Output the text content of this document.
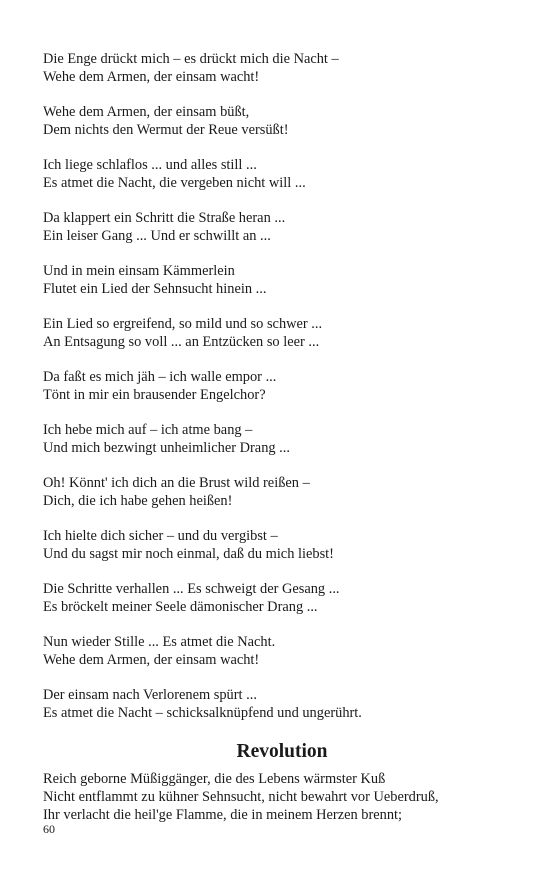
Die Enge drückt mich – es drückt mich die Nacht –
Wehe dem Armen, der einsam wacht!
Wehe dem Armen, der einsam büßt,
Dem nichts den Wermut der Reue versüßt!
Ich liege schlaflos ... und alles still ...
Es atmet die Nacht, die vergeben nicht will ...
Da klappert ein Schritt die Straße heran ...
Ein leiser Gang ... Und er schwillt an ...
Und in mein einsam Kämmerlein
Flutet ein Lied der Sehnsucht hinein ...
Ein Lied so ergreifend, so mild und so schwer ...
An Entsagung so voll ... an Entzücken so leer ...
Da faßt es mich jäh – ich walle empor ...
Tönt in mir ein brausender Engelchor?
Ich hebe mich auf – ich atme bang –
Und mich bezwingt unheimlicher Drang ...
Oh! Könnt' ich dich an die Brust wild reißen –
Dich, die ich habe gehen heißen!
Ich hielte dich sicher – und du vergibst –
Und du sagst mir noch einmal, daß du mich liebst!
Die Schritte verhallen ... Es schweigt der Gesang ...
Es bröckelt meiner Seele dämonischer Drang ...
Nun wieder Stille ... Es atmet die Nacht.
Wehe dem Armen, der einsam wacht!
Der einsam nach Verlorenem spürt ...
Es atmet die Nacht – schicksalknüpfend und ungerührt.
Revolution
Reich geborne Müßiggänger, die des Lebens wärmster Kuß
Nicht entflammt zu kühner Sehnsucht, nicht bewahrt vor Ueberdruß,
Ihr verlacht die heil'ge Flamme, die in meinem Herzen brennt;
60
